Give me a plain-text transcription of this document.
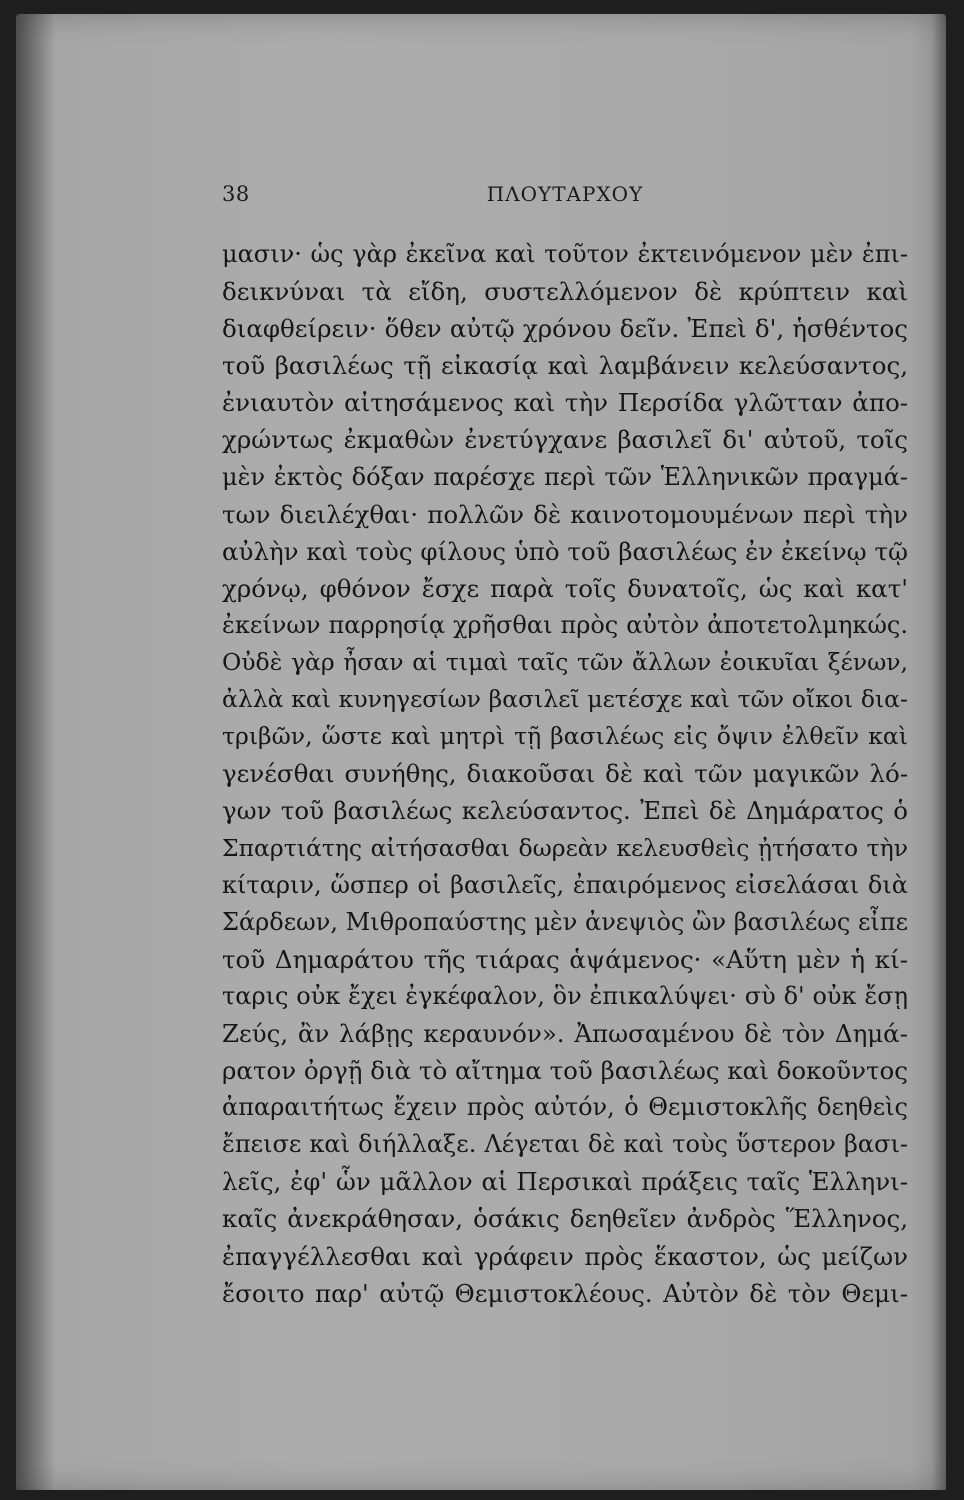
ΠΛΟΥΤΑΡΧΟΥ
38
μασιν· ὡς γὰρ ἐκεῖνα καὶ τοῦτον ἐκτεινόμενον μὲν ἐπι-
δεικνύναι τὰ εἴδη, συστελλόμενον δὲ κρύπτειν καὶ
διαφθείρειν· ὅθεν αὐτῷ χρόνου δεῖν. Ἐπεὶ δ', ἡσθέντος
τοῦ βασιλέως τῇ εἰκασίᾳ καὶ λαμβάνειν κελεύσαντος,
ἐνιαυτὸν αἰτησάμενος καὶ τὴν Περσίδα γλῶτταν ἀπο-
χρώντως ἐκμαθὼν ἐνετύγχανε βασιλεῖ δι' αὐτοῦ, τοῖς
μὲν ἐκτὸς δόξαν παρέσχε περὶ τῶν Ἑλληνικῶν πραγμά-
των διειλέχθαι· πολλῶν δὲ καινοτομουμένων περὶ τὴν
αὐλὴν καὶ τοὺς φίλους ὑπὸ τοῦ βασιλέως ἐν ἐκείνῳ τῷ
χρόνῳ, φθόνον ἔσχε παρὰ τοῖς δυνατοῖς, ὡς καὶ κατ'
ἐκείνων παρρησίᾳ χρῆσθαι πρὸς αὐτὸν ἀποτετολμηκώς.
Οὐδὲ γὰρ ἦσαν αἱ τιμαὶ ταῖς τῶν ἄλλων ἐοικυῖαι ξένων,
ἀλλὰ καὶ κυνηγεσίων βασιλεῖ μετέσχε καὶ τῶν οἴκοι δια-
τριβῶν, ὥστε καὶ μητρὶ τῇ βασιλέως εἰς ὄψιν ἐλθεῖν καὶ
γενέσθαι συνήθης, διακοῦσαι δὲ καὶ τῶν μαγικῶν λό-
γων τοῦ βασιλέως κελεύσαντος. Ἐπεὶ δὲ Δημάρατος ὁ
Σπαρτιάτης αἰτήσασθαι δωρεὰν κελευσθεὶς ᾐτήσατο τὴν
κίταριν, ὥσπερ οἱ βασιλεῖς, ἐπαιρόμενος εἰσελάσαι διὰ
Σάρδεων, Μιθροπαύστης μὲν ἀνεψιὸς ὢν βασιλέως εἶπε
τοῦ Δημαράτου τῆς τιάρας ἁψάμενος· «Αὕτη μὲν ἡ κί-
ταρις οὐκ ἔχει ἐγκέφαλον, ὃν ἐπικαλύψει· σὺ δ' οὐκ ἔσῃ
Ζεύς, ἂν λάβῃς κεραυνόν». Ἀπωσαμένου δὲ τὸν Δημά-
ρατον ὀργῇ διὰ τὸ αἴτημα τοῦ βασιλέως καὶ δοκοῦντος
ἀπαραιτήτως ἔχειν πρὸς αὐτόν, ὁ Θεμιστοκλῆς δεηθεὶς
ἔπεισε καὶ διήλλαξε. Λέγεται δὲ καὶ τοὺς ὕστερον βασι-
λεῖς, ἐφ' ὧν μᾶλλον αἱ Περσικαὶ πράξεις ταῖς Ἑλληνι-
καῖς ἀνεκράθησαν, ὁσάκις δεηθεῖεν ἀνδρὸς Ἕλληνος,
ἐπαγγέλλεσθαι καὶ γράφειν πρὸς ἕκαστον, ὡς μείζων
ἔσοιτο παρ' αὐτῷ Θεμιστοκλέους. Αὐτὸν δὲ τὸν Θεμι-
